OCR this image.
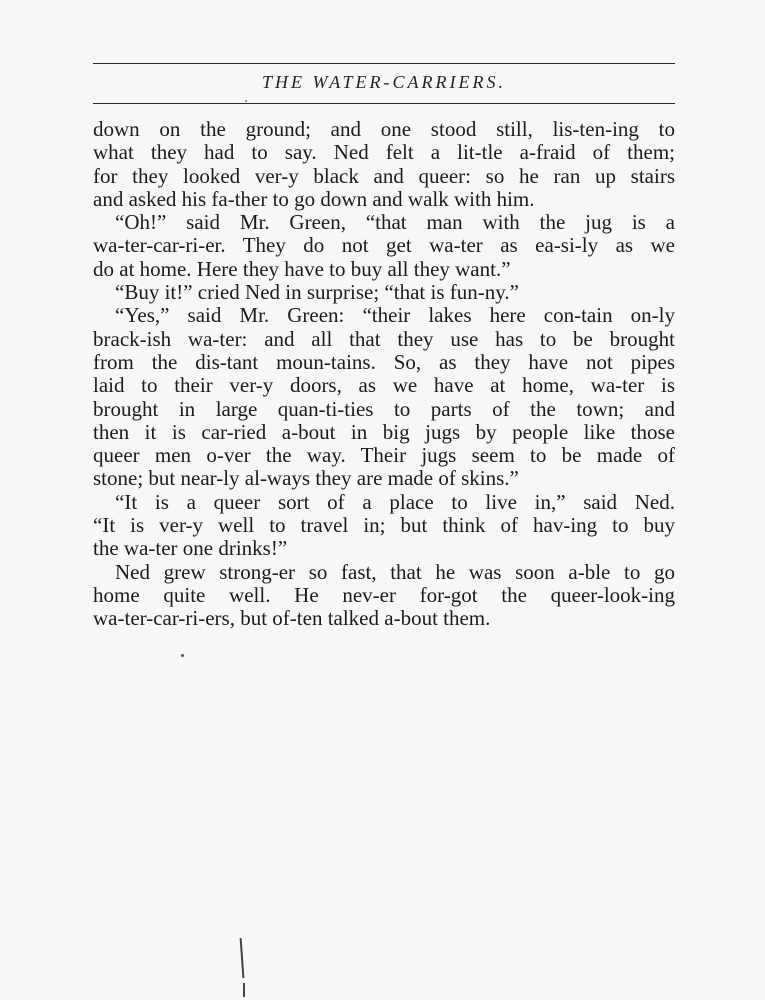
THE WATER-CARRIERS.
down on the ground; and one stood still, lis-ten-ing to
what they had to say. Ned felt a lit-tle a-fraid of them;
for they looked ver-y black and queer: so he ran up stairs
and asked his fa-ther to go down and walk with him.
“Oh!” said Mr. Green, “that man with the jug is a
wa-ter-car-ri-er. They do not get wa-ter as ea-si-ly as we
do at home. Here they have to buy all they want.”
“Buy it!” cried Ned in surprise; “that is fun-ny.”
“Yes,” said Mr. Green: “their lakes here con-tain on-ly
brack-ish wa-ter: and all that they use has to be brought
from the dis-tant moun-tains. So, as they have not pipes
laid to their ver-y doors, as we have at home, wa-ter is
brought in large quan-ti-ties to parts of the town; and
then it is car-ried a-bout in big jugs by people like those
queer men o-ver the way. Their jugs seem to be made of
stone; but near-ly al-ways they are made of skins.”
“It is a queer sort of a place to live in,” said Ned.
“It is ver-y well to travel in; but think of hav-ing to buy
the wa-ter one drinks!”
Ned grew strong-er so fast, that he was soon a-ble to go
home quite well. He nev-er for-got the queer-look-ing
wa-ter-car-ri-ers, but of-ten talked a-bout them.
